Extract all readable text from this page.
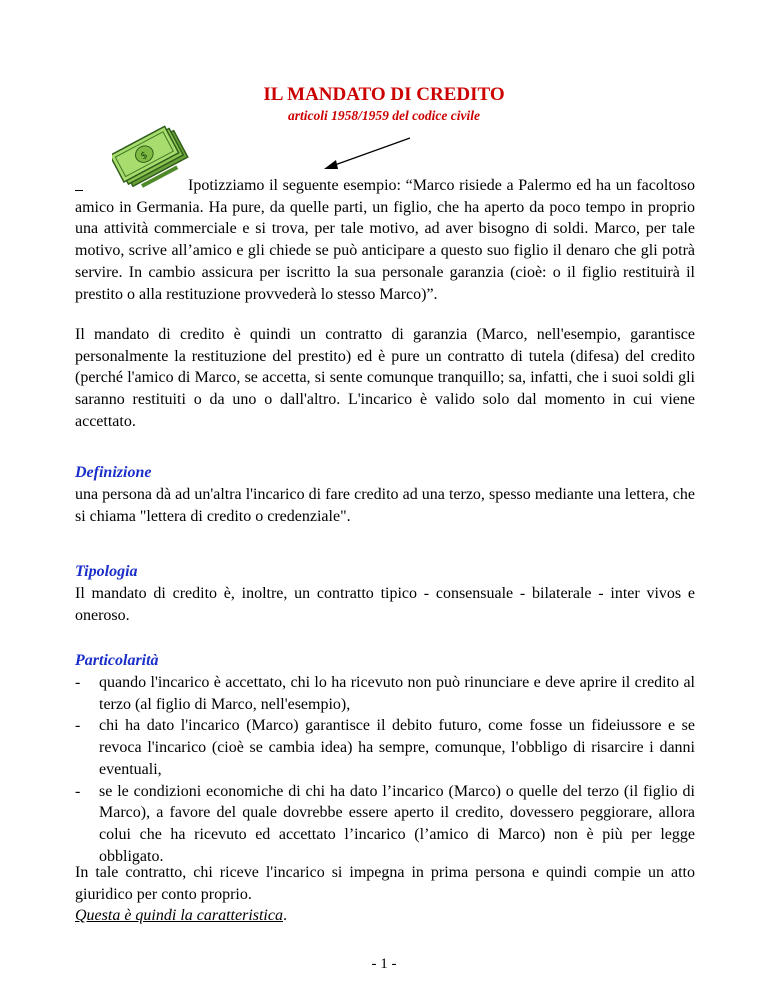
IL MANDATO DI CREDITO
articoli 1958/1959 del codice civile
$
Ipotizziamo il seguente esempio: “Marco risiede a Palermo ed ha un facoltoso amico in Germania. Ha pure, da quelle parti, un figlio, che ha aperto da poco tempo in proprio una attività commerciale e si trova, per tale motivo, ad aver bisogno di soldi. Marco, per tale motivo, scrive all’amico e gli chiede se può anticipare a questo suo figlio il denaro che gli potrà servire. In cambio assicura per iscritto la sua personale garanzia (cioè: o il figlio restituirà il prestito o alla restituzione provvederà lo stesso Marco)”.
Il mandato di credito è quindi un contratto di garanzia (Marco, nell'esempio, garantisce personalmente la restituzione del prestito) ed è pure un contratto di tutela (difesa) del credito (perché l'amico di Marco, se accetta, si sente comunque tranquillo; sa, infatti, che i suoi soldi gli saranno restituiti o da uno o dall'altro. L'incarico è valido solo dal momento in cui viene accettato.
Definizione
una persona dà ad un'altra l'incarico di fare credito ad una terzo, spesso mediante una lettera, che si chiama "lettera di credito o credenziale".
Tipologia
Il mandato di credito è, inoltre, un contratto tipico - consensuale - bilaterale - inter vivos e oneroso.
Particolarità
- quando l'incarico è accettato, chi lo ha ricevuto non può rinunciare e deve aprire il credito al terzo (al figlio di Marco, nell'esempio),
- chi ha dato l'incarico (Marco) garantisce il debito futuro, come fosse un fideiussore e se revoca l'incarico (cioè se cambia idea) ha sempre, comunque, l'obbligo di risarcire i danni eventuali,
- se le condizioni economiche di chi ha dato l’incarico (Marco) o quelle del terzo (il figlio di Marco), a favore del quale dovrebbe essere aperto il credito, dovessero peggiorare, allora colui che ha ricevuto ed accettato l’incarico (l’amico di Marco) non è più per legge obbligato.
In tale contratto, chi riceve l'incarico si impegna in prima persona e quindi compie un atto giuridico per conto proprio.
Questa è quindi la caratteristica.
- 1 -
